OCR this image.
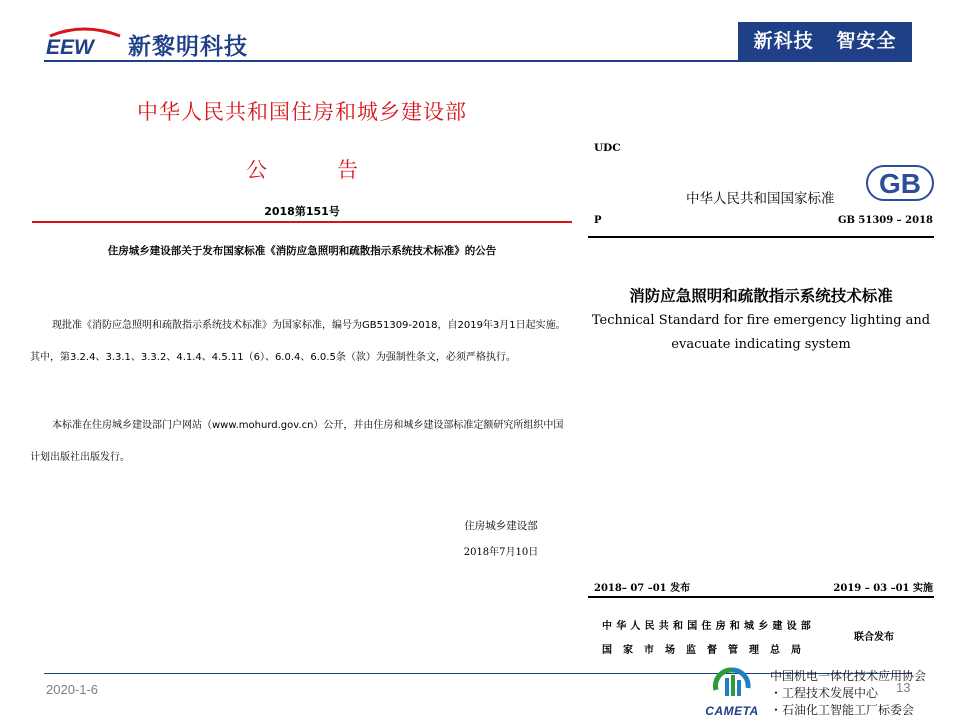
EEW 新黎明科技	新科技   智安全
中华人民共和国住房和城乡建设部
公告
2018第151号
住房城乡建设部关于发布国家标准《消防应急照明和疏散指示系统技术标准》的公告
现批准《消防应急照明和疏散指示系统技术标准》为国家标准，编号为GB51309-2018，自2019年3月1日起实施。其中，第3.2.4、3.3.1、3.3.2、4.1.4、4.5.11（6）、6.0.4、6.0.5条（款）为强制性条文，必须严格执行。
本标准在住房城乡建设部门户网站（www.mohurd.gov.cn）公开，并由住房和城乡建设部标准定额研究所组织中国计划出版社出版发行。
住房城乡建设部
2018年7月10日
UDC
中华人民共和国国家标准 GB
P	GB 51309 – 2018
消防应急照明和疏散指示系统技术标准
Technical Standard for fire emergency lighting and evacuate indicating system
2018– 07 –01 发布	2019 – 03 –01 实施
中华人民共和国住房和城乡建设部
国家市场监督管理总局
联合发布
2020-1-6
CAMETA
中国机电一体化技术应用协会
・工程技术发展中心
・石油化工智能工厂标委会
13
